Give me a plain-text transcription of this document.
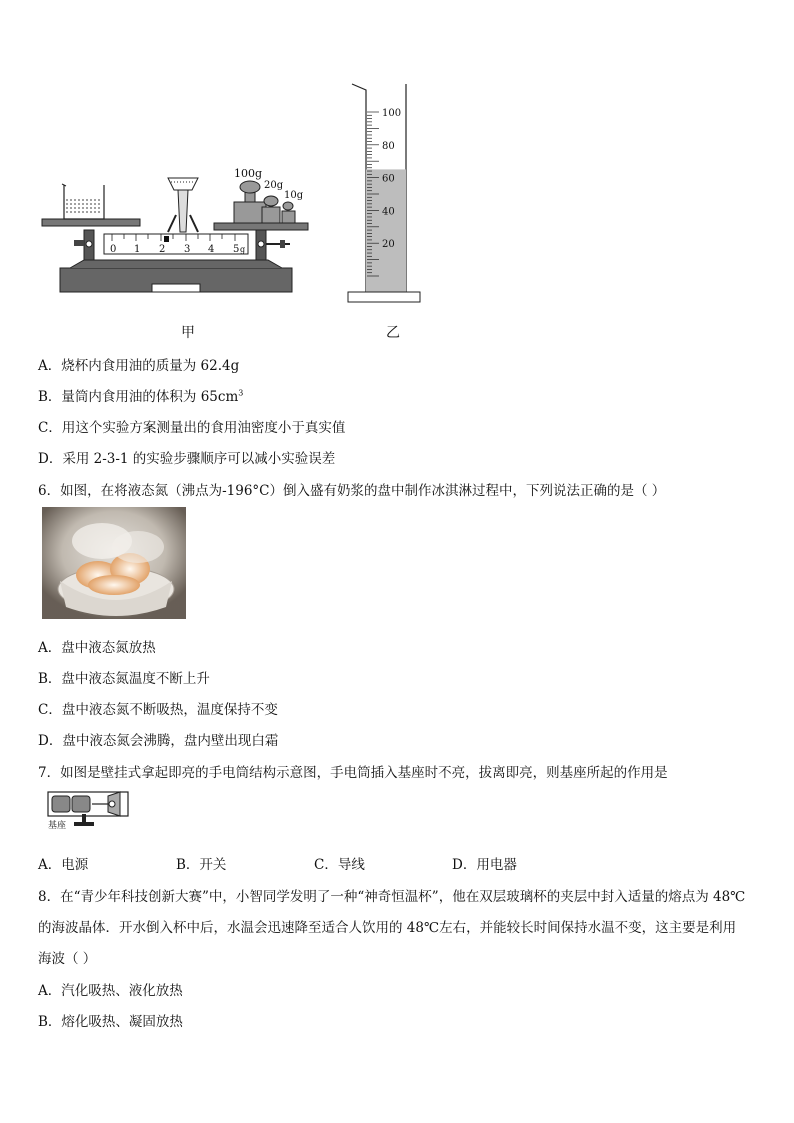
0 1 2 3 4 5 g
100g
20g
10g
100
80
60
40
20
甲	乙
A．烧杯内食用油的质量为 62.4g
B．量筒内食用油的体积为 $65cm^3$
C．用这个实验方案测量出的食用油密度小于真实值
D．采用 2-3-1 的实验步骤顺序可以减小实验误差
6．如图，在将液态氮（沸点为-196°C）倒入盛有奶浆的盘中制作冰淇淋过程中，下列说法正确的是（ ）
A．盘中液态氮放热
B．盘中液态氮温度不断上升
C．盘中液态氮不断吸热，温度保持不变
D．盘中液态氮会沸腾，盘内壁出现白霜
7．如图是壁挂式拿起即亮的手电筒结构示意图，手电筒插入基座时不亮，拔离即亮，则基座所起的作用是
基座
A．电源	B．开关	C．导线	D．用电器
8．在“青少年科技创新大赛”中，小智同学发明了一种“神奇恒温杯”，他在双层玻璃杯的夹层中封入适量的熔点为 48℃
的海波晶体．开水倒入杯中后，水温会迅速降至适合人饮用的 48℃左右，并能较长时间保持水温不变，这主要是利用
海波（ ）
A．汽化吸热、液化放热
B．熔化吸热、凝固放热
